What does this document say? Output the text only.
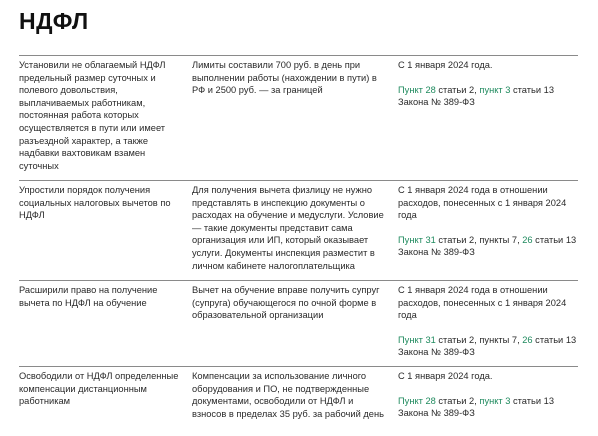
НДФЛ
Установили не облагаемый НДФЛ предельный размер суточных и полевого довольствия, выплачиваемых работникам, постоянная работа которых осуществляется в пути или имеет разъездной характер, а также надбавки вахтовикам взамен суточных
Лимиты составили 700 руб. в день при выполнении работы (нахождении в пути) в РФ и 2500 руб. — за границей

С 1 января 2024 года.

Пункт 28 статьи 2, пункт 3 статьи 13
Закона № 389-ФЗ

Упростили порядок получения социальных налоговых вычетов по НДФЛ
Для получения вычета физлицу не нужно представлять в инспекцию документы о расходах на обучение и медуслуги. Условие — такие документы представит сама организация или ИП, который оказывает услуги. Документы инспекция разместит в личном кабинете налогоплательщика

С 1 января 2024 года в отношении расходов, понесенных с 1 января 2024 года

Пункт 31 статьи 2, пункты 7, 26 статьи 13
Закона № 389-ФЗ

Расширили право на получение вычета по НДФЛ на обучение
Вычет на обучение вправе получить супруг (супруга) обучающегося по очной форме в образовательной организации

С 1 января 2024 года в отношении расходов, понесенных с 1 января 2024 года

Пункт 31 статьи 2, пункты 7, 26 статьи 13
Закона № 389-ФЗ

Освободили от НДФЛ определенные компенсации дистанционным работникам
Компенсации за использование личного оборудования и ПО, не подтвержденные документами, освободили от НДФЛ и взносов в пределах 35 руб. за рабочий день

С 1 января 2024 года.

Пункт 28 статьи 2, пункт 3 статьи 13
Закона № 389-ФЗ
